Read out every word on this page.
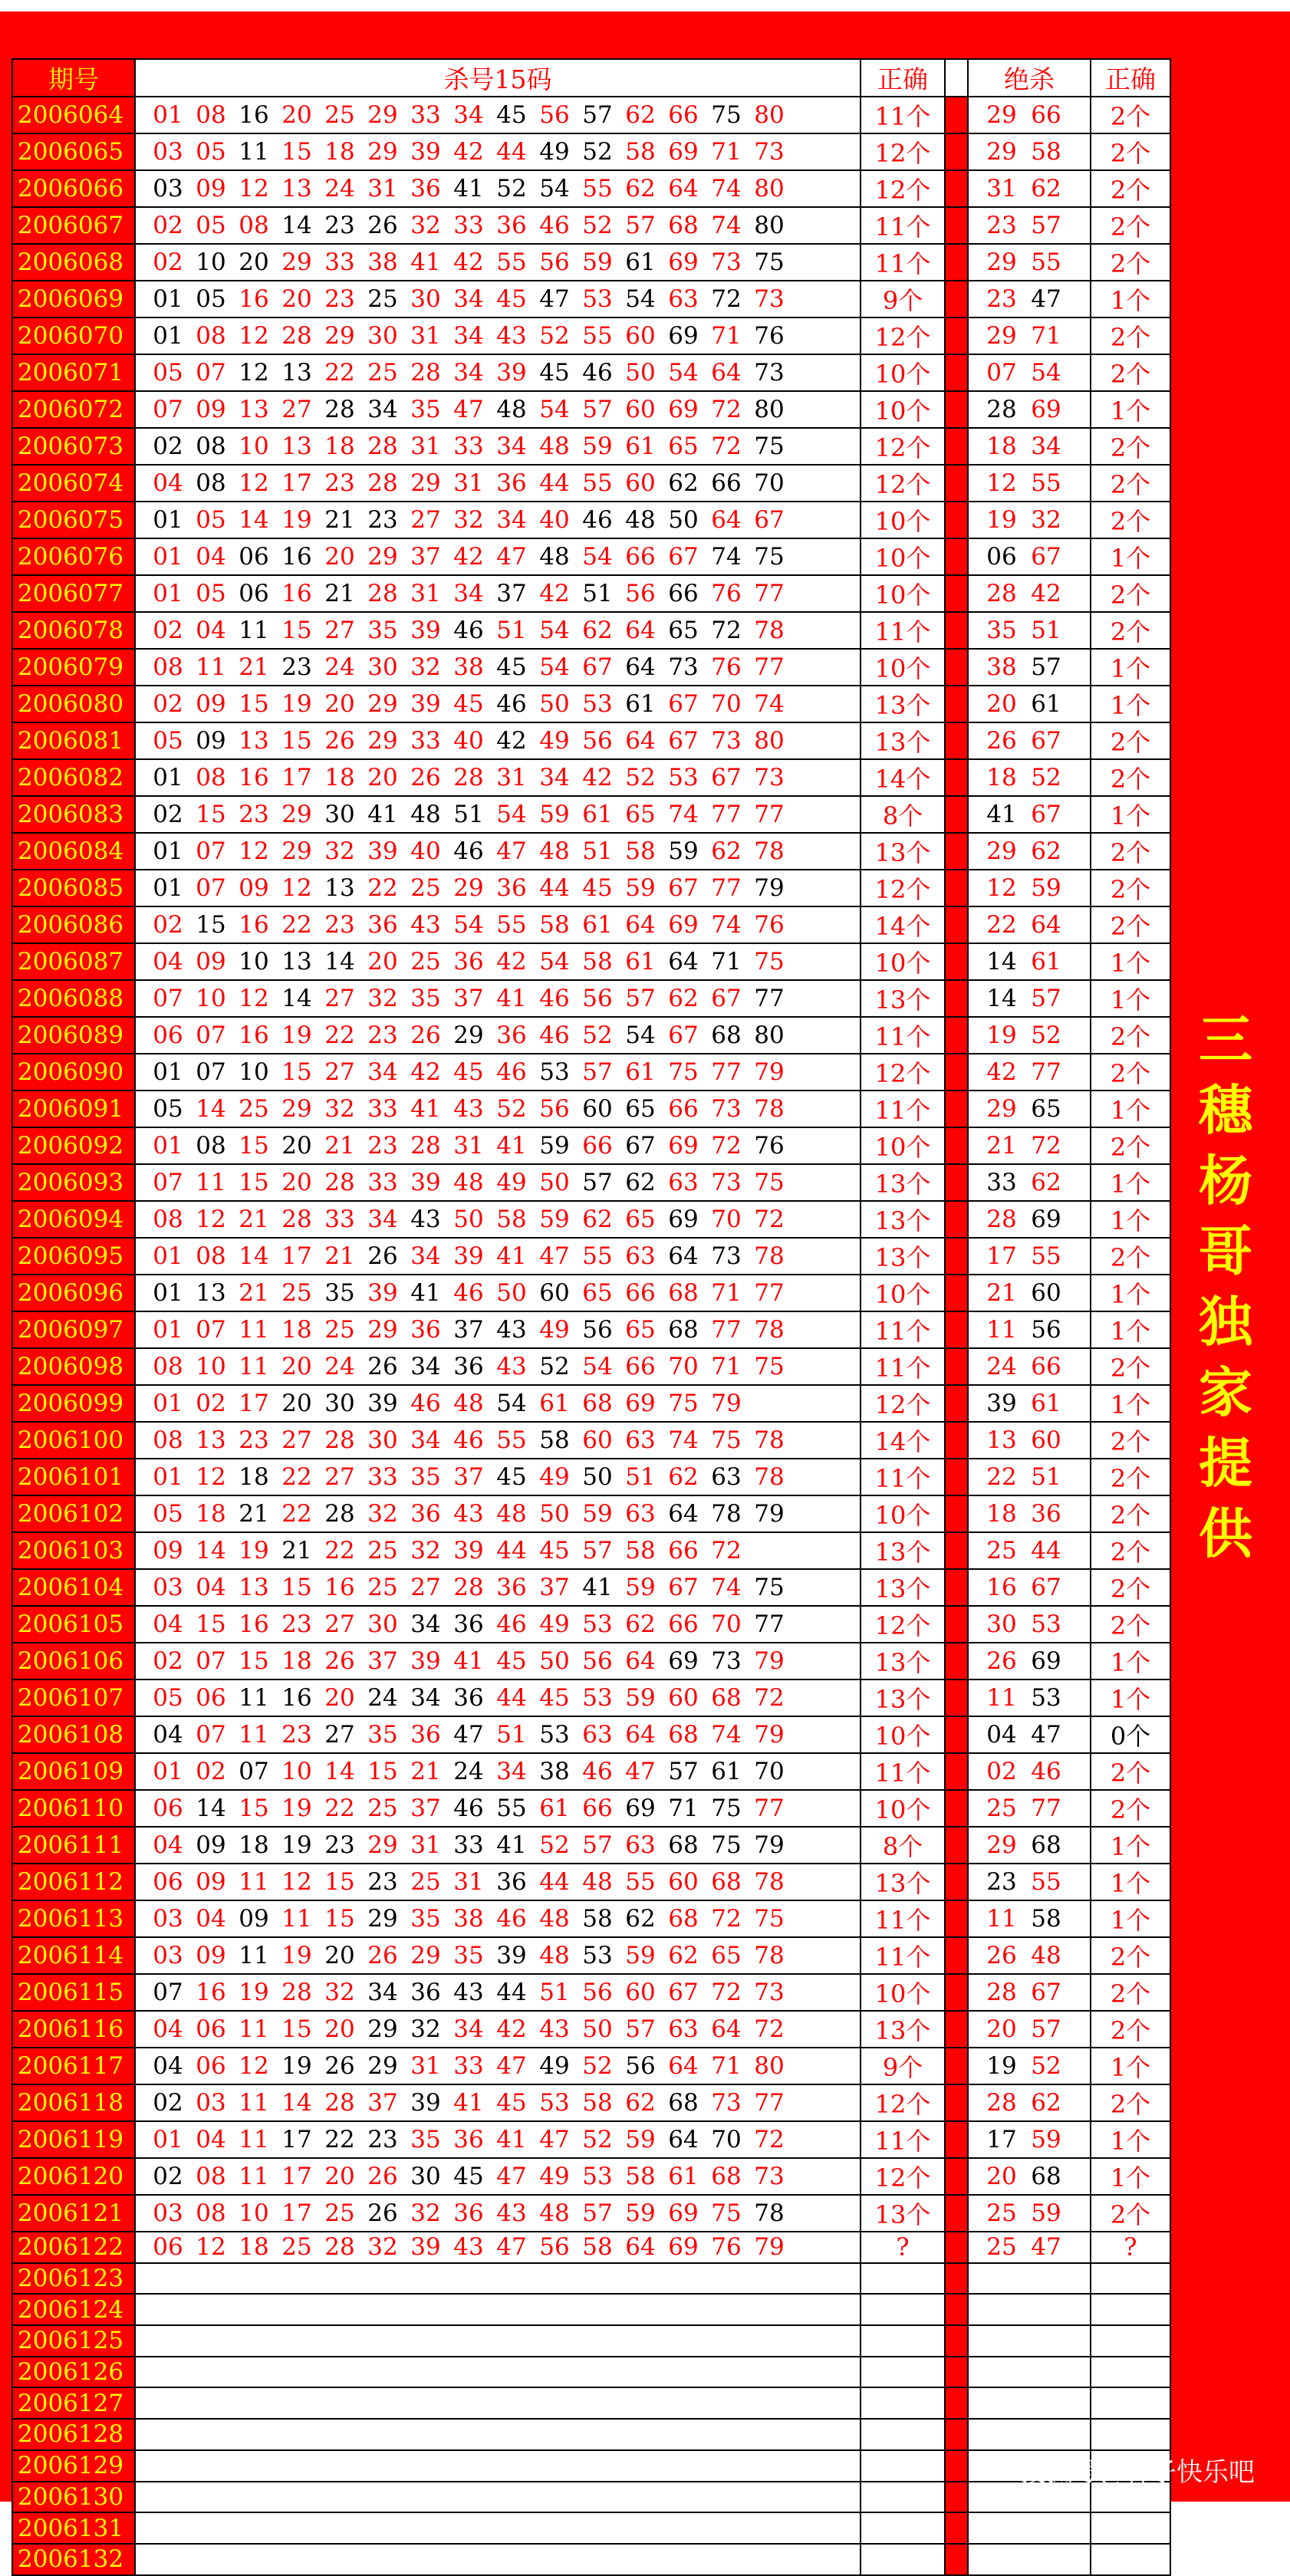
期号	杀号15码	正确		绝杀	正确
2006064	01 08 16 20 25 29 33 34 45 56 57 62 66 75 80	11个		29 66	2个
2006065	03 05 11 15 18 29 39 42 44 49 52 58 69 71 73	12个		29 58	2个
2006066	03 09 12 13 24 31 36 41 52 54 55 62 64 74 80	12个		31 62	2个
2006067	02 05 08 14 23 26 32 33 36 46 52 57 68 74 80	11个		23 57	2个
2006068	02 10 20 29 33 38 41 42 55 56 59 61 69 73 75	11个		29 55	2个
2006069	01 05 16 20 23 25 30 34 45 47 53 54 63 72 73	9个		23 47	1个
2006070	01 08 12 28 29 30 31 34 43 52 55 60 69 71 76	12个		29 71	2个
2006071	05 07 12 13 22 25 28 34 39 45 46 50 54 64 73	10个		07 54	2个
2006072	07 09 13 27 28 34 35 47 48 54 57 60 69 72 80	10个		28 69	1个
2006073	02 08 10 13 18 28 31 33 34 48 59 61 65 72 75	12个		18 34	2个
2006074	04 08 12 17 23 28 29 31 36 44 55 60 62 66 70	12个		12 55	2个
2006075	01 05 14 19 21 23 27 32 34 40 46 48 50 64 67	10个		19 32	2个
2006076	01 04 06 16 20 29 37 42 47 48 54 66 67 74 75	10个		06 67	1个
2006077	01 05 06 16 21 28 31 34 37 42 51 56 66 76 77	10个		28 42	2个
2006078	02 04 11 15 27 35 39 46 51 54 62 64 65 72 78	11个		35 51	2个
2006079	08 11 21 23 24 30 32 38 45 54 67 64 73 76 77	10个		38 57	1个
2006080	02 09 15 19 20 29 39 45 46 50 53 61 67 70 74	13个		20 61	1个
2006081	05 09 13 15 26 29 33 40 42 49 56 64 67 73 80	13个		26 67	2个
2006082	01 08 16 17 18 20 26 28 31 34 42 52 53 67 73	14个		18 52	2个
2006083	02 15 23 29 30 41 48 51 54 59 61 65 74 77 77	8个		41 67	1个
2006084	01 07 12 29 32 39 40 46 47 48 51 58 59 62 78	13个		29 62	2个
2006085	01 07 09 12 13 22 25 29 36 44 45 59 67 77 79	12个		12 59	2个
2006086	02 15 16 22 23 36 43 54 55 58 61 64 69 74 76	14个		22 64	2个
2006087	04 09 10 13 14 20 25 36 42 54 58 61 64 71 75	10个		14 61	1个
2006088	07 10 12 14 27 32 35 37 41 46 56 57 62 67 77	13个		14 57	1个
2006089	06 07 16 19 22 23 26 29 36 46 52 54 67 68 80	11个		19 52	2个
2006090	01 07 10 15 27 34 42 45 46 53 57 61 75 77 79	12个		42 77	2个
2006091	05 14 25 29 32 33 41 43 52 56 60 65 66 73 78	11个		29 65	1个
2006092	01 08 15 20 21 23 28 31 41 59 66 67 69 72 76	10个		21 72	2个
2006093	07 11 15 20 28 33 39 48 49 50 57 62 63 73 75	13个		33 62	1个
2006094	08 12 21 28 33 34 43 50 58 59 62 65 69 70 72	13个		28 69	1个
2006095	01 08 14 17 21 26 34 39 41 47 55 63 64 73 78	13个		17 55	2个
2006096	01 13 21 25 35 39 41 46 50 60 65 66 68 71 77	10个		21 60	1个
2006097	01 07 11 18 25 29 36 37 43 49 56 65 68 77 78	11个		11 56	1个
2006098	08 10 11 20 24 26 34 36 43 52 54 66 70 71 75	11个		24 66	2个
2006099	01 02 17 20 30 39 46 48 54 61 68 69 75 79	12个		39 61	1个
2006100	08 13 23 27 28 30 34 46 55 58 60 63 74 75 78	14个		13 60	2个
2006101	01 12 18 22 27 33 35 37 45 49 50 51 62 63 78	11个		22 51	2个
2006102	05 18 21 22 28 32 36 43 48 50 59 63 64 78 79	10个		18 36	2个
2006103	09 14 19 21 22 25 32 39 44 45 57 58 66 72	13个		25 44	2个
2006104	03 04 13 15 16 25 27 28 36 37 41 59 67 74 75	13个		16 67	2个
2006105	04 15 16 23 27 30 34 36 46 49 53 62 66 70 77	12个		30 53	2个
2006106	02 07 15 18 26 37 39 41 45 50 56 64 69 73 79	13个		26 69	1个
2006107	05 06 11 16 20 24 34 36 44 45 53 59 60 68 72	13个		11 53	1个
2006108	04 07 11 23 27 35 36 47 51 53 63 64 68 74 79	10个		04 47	0个
2006109	01 02 07 10 14 15 21 24 34 38 46 47 57 61 70	11个		02 46	2个
2006110	06 14 15 19 22 25 37 46 55 61 66 69 71 75 77	10个		25 77	2个
2006111	04 09 18 19 23 29 31 33 41 52 57 63 68 75 79	8个		29 68	1个
2006112	06 09 11 12 15 23 25 31 36 44 48 55 60 68 78	13个		23 55	1个
2006113	03 04 09 11 15 29 35 38 46 48 58 62 68 72 75	11个		11 58	1个
2006114	03 09 11 19 20 26 29 35 39 48 53 59 62 65 78	11个		26 48	2个
2006115	07 16 19 28 32 34 36 43 44 51 56 60 67 72 73	10个		28 67	2个
2006116	04 06 11 15 20 29 32 34 42 43 50 57 63 64 72	13个		20 57	2个
2006117	04 06 12 19 26 29 31 33 47 49 52 56 64 71 80	9个		19 52	1个
2006118	02 03 11 14 28 37 39 41 45 53 58 62 68 73 77	12个		28 62	2个
2006119	01 04 11 17 22 23 35 36 41 47 52 59 64 70 72	11个		17 59	1个
2006120	02 08 11 17 20 26 30 45 47 49 53 58 61 68 73	12个		20 68	1个
2006121	03 08 10 17 25 26 32 36 43 48 57 59 69 75 78	13个		25 59	2个
2006122	06 12 18 25 28 32 39 43 47 56 58 64 69 76 79	?		25 47	?
2006123					
2006124					
2006125					
2006126					
2006127					
2006128					
2006129					
2006130					
2006131					
2006132					
三
穗
杨
哥
独
家
提
供
搜狐号@谷子快乐吧
